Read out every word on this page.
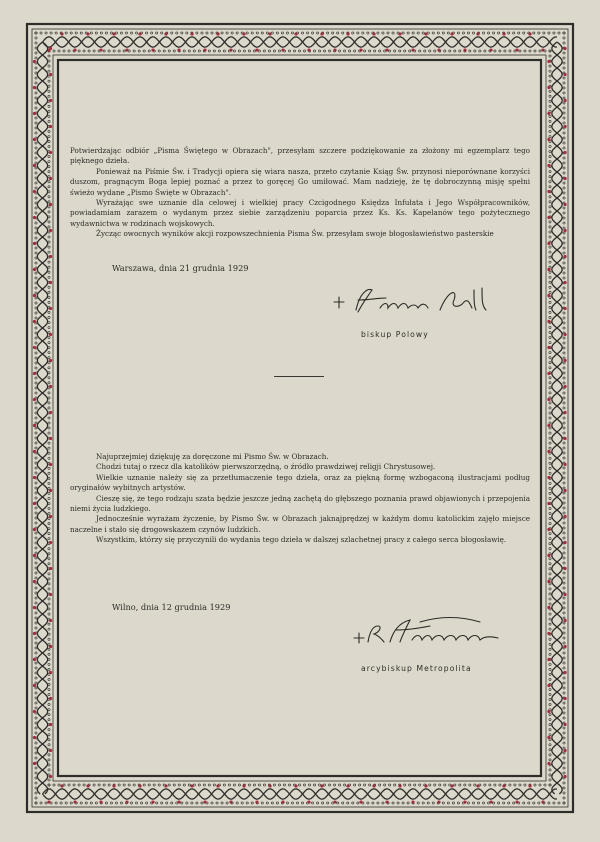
Potwierdzając odbiór „Pisma Świętego w Obrazach", przesyłam szczere podziękowanie za złożony mi egzemplarz tego pięknego dzieła.

Ponieważ na Piśmie Św. i Tradycji opiera się wiara nasza, przeto czytanie Ksiąg Św. przynosi nieporównane korzyści duszom, pragnącym Boga lepiej poznać a przez to goręcej Go umiłować. Mam nadzieję, że tę dobroczynną misję spełni świeżo wydane „Pismo Święte w Obrazach".

Wyrażając swe uznanie dla celowej i wielkiej pracy Czcigodnego Księdza Infułata i Jego Współpracowników, powiadamiam zarazem o wydanym przez siebie zarządzeniu poparcia przez Ks. Ks. Kapelanów tego pożytecznego wydawnictwa w rodzinach wojskowych.

Życząc owocnych wyników akcji rozpowszechnienia Pisma Św. przesyłam swoje błogosławieństwo pasterskie

Warszawa, dnia 21 grudnia 1929
+ Stanisław Gall
biskup Polowy

Najuprzejmiej dziękuję za doręczone mi Pismo Św. w Obrazach.

Chodzi tutaj o rzecz dla katolików pierwszorzędną, o źródło prawdziwej religji Chrystusowej.

Wielkie uznanie należy się za przetłumaczenie tego dzieła, oraz za piękną formę wzbogaconą ilustracjami podług oryginałów wybitnych artystów.

Cieszę się, że tego rodzaju szata będzie jeszcze jedną zachętą do głębszego poznania prawd objawionych i przepojenia niemi życia ludzkiego.

Jednocześnie wyrażam życzenie, by Pismo Św. w Obrazach jaknajprędzej w każdym domu katolickim zajęło miejsce naczelne i stało się drogowskazem czynów ludzkich.

Wszystkim, którzy się przyczynili do wydania tego dzieła w dalszej szlachetnej pracy z całego serca błogosławię.

Wilno, dnia 12 grudnia 1929
+ R. Jałbrzykowski
arcybiskup Metropolita
